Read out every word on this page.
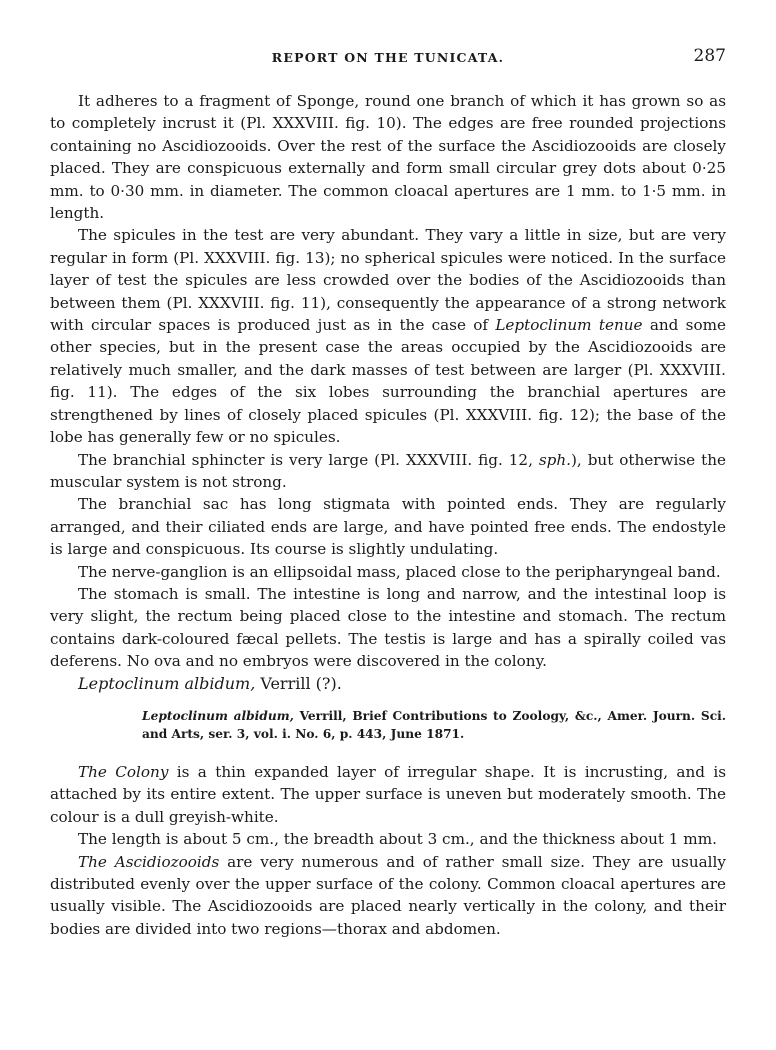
REPORT ON THE TUNICATA.	287

It adheres to a fragment of Sponge, round one branch of which it has grown so as to completely incrust it (Pl. XXXVIII. fig. 10). The edges are free rounded projections containing no Ascidiozooids. Over the rest of the surface the Ascidiozooids are closely placed. They are conspicuous externally and form small circular grey dots about 0·25 mm. to 0·30 mm. in diameter. The common cloacal apertures are 1 mm. to 1·5 mm. in length.

The spicules in the test are very abundant. They vary a little in size, but are very regular in form (Pl. XXXVIII. fig. 13); no spherical spicules were noticed. In the surface layer of test the spicules are less crowded over the bodies of the Ascidiozooids than between them (Pl. XXXVIII. fig. 11), consequently the appearance of a strong network with circular spaces is produced just as in the case of Leptoclinum tenue and some other species, but in the present case the areas occupied by the Ascidiozooids are relatively much smaller, and the dark masses of test between are larger (Pl. XXXVIII. fig. 11). The edges of the six lobes surrounding the branchial apertures are strengthened by lines of closely placed spicules (Pl. XXXVIII. fig. 12); the base of the lobe has generally few or no spicules.

The branchial sphincter is very large (Pl. XXXVIII. fig. 12, sph.), but otherwise the muscular system is not strong.

The branchial sac has long stigmata with pointed ends. They are regularly arranged, and their ciliated ends are large, and have pointed free ends. The endostyle is large and conspicuous. Its course is slightly undulating.

The nerve-ganglion is an ellipsoidal mass, placed close to the peripharyngeal band.

The stomach is small. The intestine is long and narrow, and the intestinal loop is very slight, the rectum being placed close to the intestine and stomach. The rectum contains dark-coloured fæcal pellets. The testis is large and has a spirally coiled vas deferens. No ova and no embryos were discovered in the colony.

Leptoclinum albidum, Verrill (?).

Leptoclinum albidum, Verrill, Brief Contributions to Zoology, &c., Amer. Journ. Sci. and Arts, ser. 3, vol. i. No. 6, p. 443, June 1871.

The Colony is a thin expanded layer of irregular shape. It is incrusting, and is attached by its entire extent. The upper surface is uneven but moderately smooth. The colour is a dull greyish-white.

The length is about 5 cm., the breadth about 3 cm., and the thickness about 1 mm.

The Ascidiozooids are very numerous and of rather small size. They are usually distributed evenly over the upper surface of the colony. Common cloacal apertures are usually visible. The Ascidiozooids are placed nearly vertically in the colony, and their bodies are divided into two regions—thorax and abdomen.
